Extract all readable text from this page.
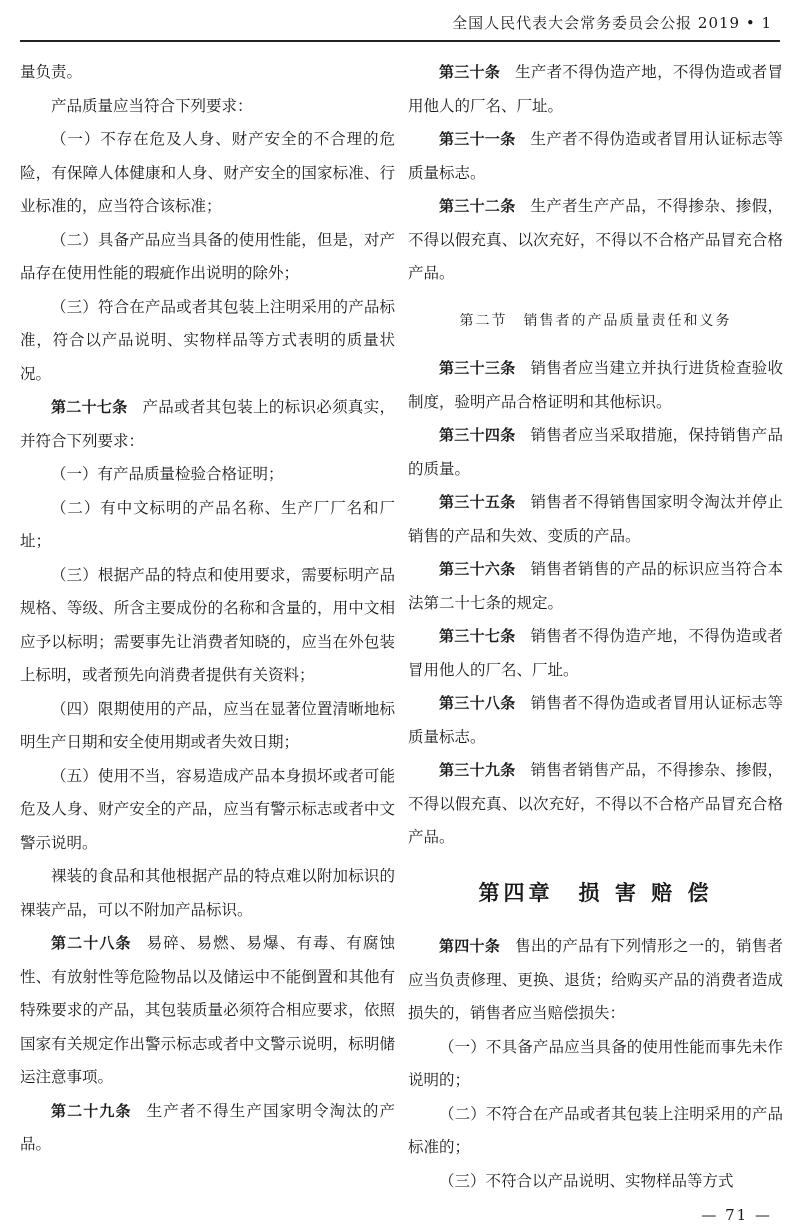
全国人民代表大会常务委员会公报 2019 • 1

量负责。

产品质量应当符合下列要求：

（一）不存在危及人身、财产安全的不合理的危险，有保障人体健康和人身、财产安全的国家标准、行业标准的，应当符合该标准；

（二）具备产品应当具备的使用性能，但是，对产品存在使用性能的瑕疵作出说明的除外；

（三）符合在产品或者其包装上注明采用的产品标准，符合以产品说明、实物样品等方式表明的质量状况。

第二十七条 产品或者其包装上的标识必须真实，并符合下列要求：

（一）有产品质量检验合格证明；

（二）有中文标明的产品名称、生产厂厂名和厂址；

（三）根据产品的特点和使用要求，需要标明产品规格、等级、所含主要成份的名称和含量的，用中文相应予以标明；需要事先让消费者知晓的，应当在外包装上标明，或者预先向消费者提供有关资料；

（四）限期使用的产品，应当在显著位置清晰地标明生产日期和安全使用期或者失效日期；

（五）使用不当，容易造成产品本身损坏或者可能危及人身、财产安全的产品，应当有警示标志或者中文警示说明。

裸装的食品和其他根据产品的特点难以附加标识的裸装产品，可以不附加产品标识。

第二十八条 易碎、易燃、易爆、有毒、有腐蚀性、有放射性等危险物品以及储运中不能倒置和其他有特殊要求的产品，其包装质量必须符合相应要求，依照国家有关规定作出警示标志或者中文警示说明，标明储运注意事项。

第二十九条 生产者不得生产国家明令淘汰的产品。

第三十条 生产者不得伪造产地，不得伪造或者冒用他人的厂名、厂址。

第三十一条 生产者不得伪造或者冒用认证标志等质量标志。

第三十二条 生产者生产产品，不得掺杂、掺假，不得以假充真、以次充好，不得以不合格产品冒充合格产品。

第二节　销售者的产品质量责任和义务

第三十三条 销售者应当建立并执行进货检查验收制度，验明产品合格证明和其他标识。

第三十四条 销售者应当采取措施，保持销售产品的质量。

第三十五条 销售者不得销售国家明令淘汰并停止销售的产品和失效、变质的产品。

第三十六条 销售者销售的产品的标识应当符合本法第二十七条的规定。

第三十七条 销售者不得伪造产地，不得伪造或者冒用他人的厂名、厂址。

第三十八条 销售者不得伪造或者冒用认证标志等质量标志。

第三十九条 销售者销售产品，不得掺杂、掺假，不得以假充真、以次充好，不得以不合格产品冒充合格产品。

第四章　损 害 赔 偿

第四十条 售出的产品有下列情形之一的，销售者应当负责修理、更换、退货；给购买产品的消费者造成损失的，销售者应当赔偿损失：

（一）不具备产品应当具备的使用性能而事先未作说明的；

（二）不符合在产品或者其包装上注明采用的产品标准的；

（三）不符合以产品说明、实物样品等方式

— 71 —
